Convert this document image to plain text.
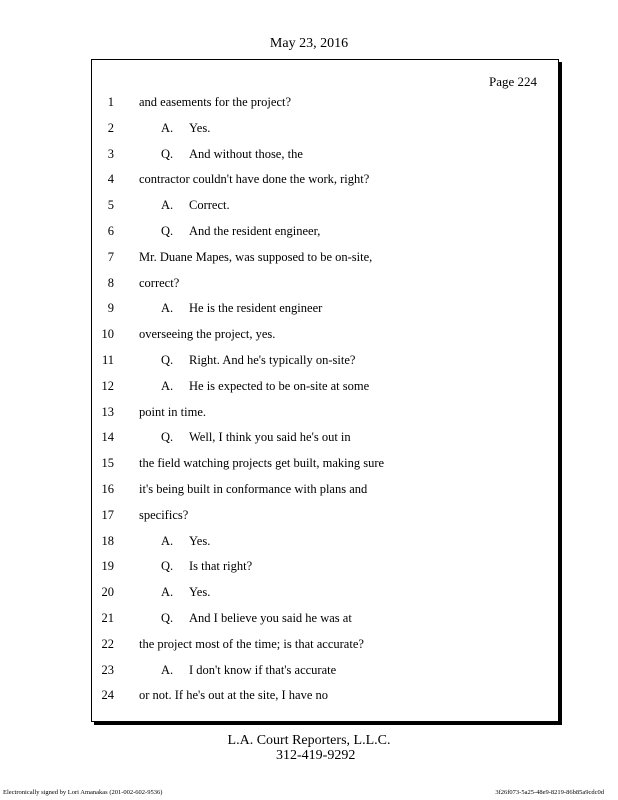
May 23, 2016
Page 224
1 and easements for the project?
2	A. Yes.
3	Q. And without those, the
4 contractor couldn't have done the work, right?
5	A. Correct.
6	Q. And the resident engineer,
7 Mr. Duane Mapes, was supposed to be on-site,
8 correct?
9	A. He is the resident engineer
10 overseeing the project, yes.
11	Q. Right. And he's typically on-site?
12	A. He is expected to be on-site at some
13 point in time.
14	Q. Well, I think you said he's out in
15 the field watching projects get built, making sure
16 it's being built in conformance with plans and
17 specifics?
18	A. Yes.
19	Q. Is that right?
20	A. Yes.
21	Q. And I believe you said he was at
22 the project most of the time; is that accurate?
23	A. I don't know if that's accurate
24 or not. If he's out at the site, I have no
L.A. Court Reporters, L.L.C.
312-419-9292
Electronically signed by Lori Amanakas (201-002-602-9536)	3f26f073-5a25-48e9-8219-86b85a9cdc0d
